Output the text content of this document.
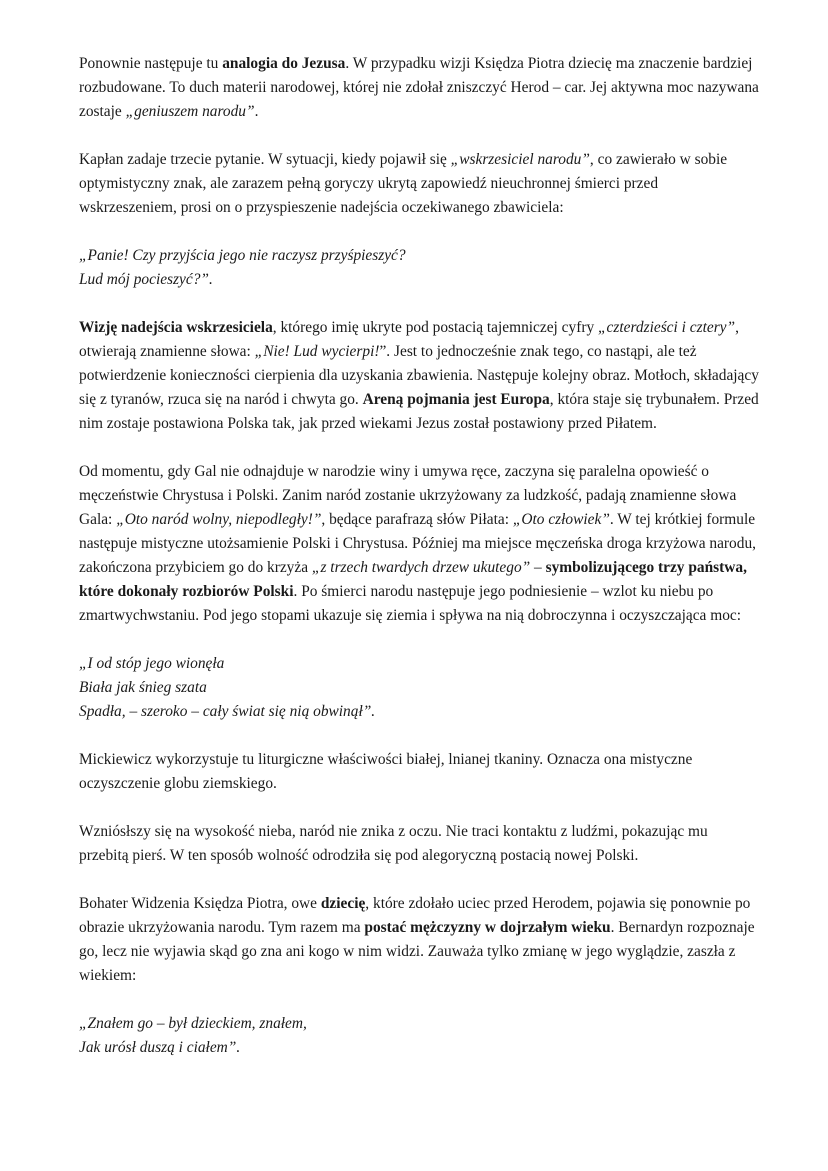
Ponownie następuje tu analogia do Jezusa. W przypadku wizji Księdza Piotra dziecię ma znaczenie bardziej rozbudowane. To duch materii narodowej, której nie zdołał zniszczyć Herod – car. Jej aktywna moc nazywana zostaje „geniuszem narodu”.

Kapłan zadaje trzecie pytanie. W sytuacji, kiedy pojawił się „wskrzesiciel narodu”, co zawierało w sobie optymistyczny znak, ale zarazem pełną goryczy ukrytą zapowiedź nieuchronnej śmierci przed wskrzeszeniem, prosi on o przyspieszenie nadejścia oczekiwanego zbawiciela:

„Panie! Czy przyjścia jego nie raczysz przyśpieszyć?
Lud mój pocieszyć?”.

Wizję nadejścia wskrzesiciela, którego imię ukryte pod postacią tajemniczej cyfry „czterdzieści i cztery”, otwierają znamienne słowa: „Nie! Lud wycierpi!”. Jest to jednocześnie znak tego, co nastąpi, ale też potwierdzenie konieczności cierpienia dla uzyskania zbawienia. Następuje kolejny obraz. Motłoch, składający się z tyranów, rzuca się na naród i chwyta go. Areną pojmania jest Europa, która staje się trybunałem. Przed nim zostaje postawiona Polska tak, jak przed wiekami Jezus został postawiony przed Piłatem.

Od momentu, gdy Gal nie odnajduje w narodzie winy i umywa ręce, zaczyna się paralelna opowieść o męczeństwie Chrystusa i Polski. Zanim naród zostanie ukrzyżowany za ludzkość, padają znamienne słowa Gala: „Oto naród wolny, niepodległy!”, będące parafrazą słów Piłata: „Oto człowiek”. W tej krótkiej formule następuje mistyczne utożsamienie Polski i Chrystusa. Później ma miejsce męczeńska droga krzyżowa narodu, zakończona przybiciem go do krzyża „z trzech twardych drzew ukutego” – symbolizującego trzy państwa, które dokonały rozbiorów Polski. Po śmierci narodu następuje jego podniesienie – wzlot ku niebu po zmartwychwstaniu. Pod jego stopami ukazuje się ziemia i spływa na nią dobroczynna i oczyszczająca moc:

„I od stóp jego wionęła
Biała jak śnieg szata
Spadła, – szeroko – cały świat się nią obwinął”.

Mickiewicz wykorzystuje tu liturgiczne właściwości białej, lnianej tkaniny. Oznacza ona mistyczne oczyszczenie globu ziemskiego.

Wzniósłszy się na wysokość nieba, naród nie znika z oczu. Nie traci kontaktu z ludźmi, pokazując mu przebitą pierś. W ten sposób wolność odrodziła się pod alegoryczną postacią nowej Polski.

Bohater Widzenia Księdza Piotra, owe dziecię, które zdołało uciec przed Herodem, pojawia się ponownie po obrazie ukrzyżowania narodu. Tym razem ma postać mężczyzny w dojrzałym wieku. Bernardyn rozpoznaje go, lecz nie wyjawia skąd go zna ani kogo w nim widzi. Zauważa tylko zmianę w jego wyglądzie, zaszła z wiekiem:

„Znałem go – był dzieckiem, znałem,
Jak urósł duszą i ciałem”.
